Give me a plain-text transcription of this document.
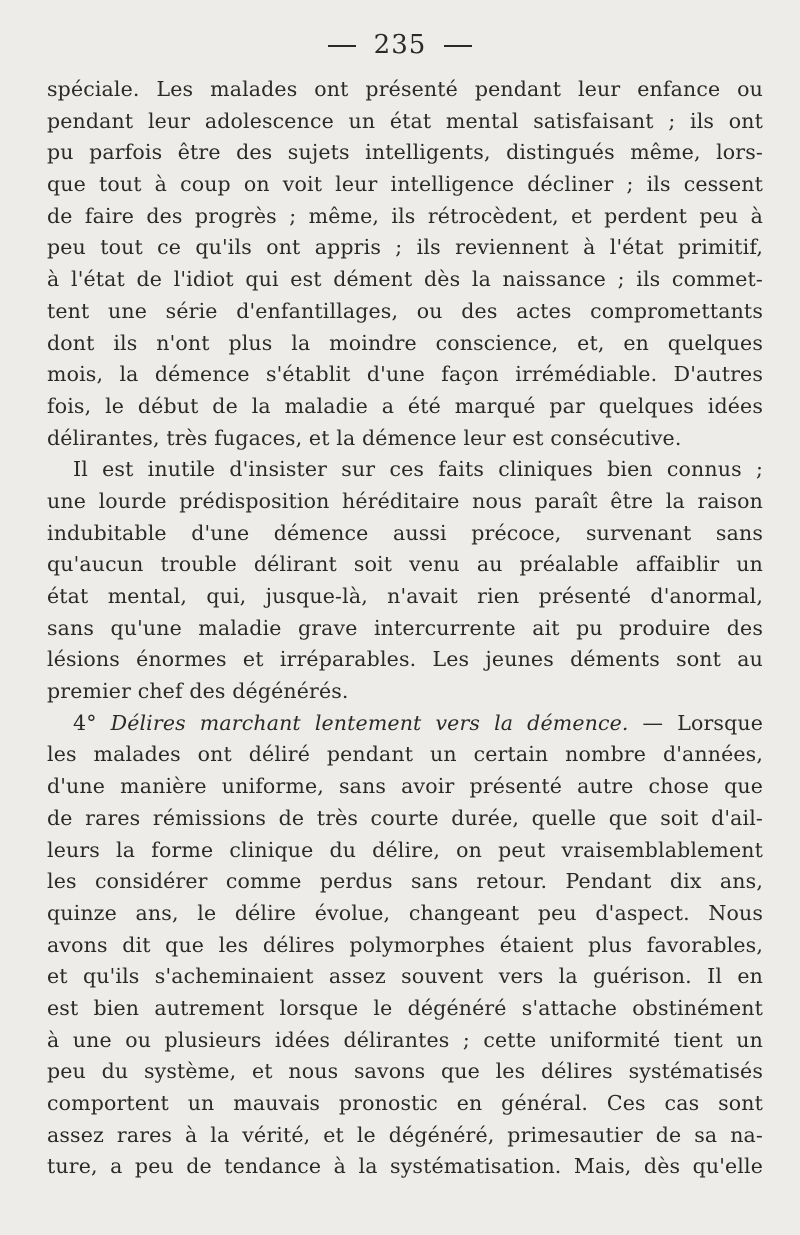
235
spéciale. Les malades ont présenté pendant leur enfance ou
pendant leur adolescence un état mental satisfaisant ; ils ont
pu parfois être des sujets intelligents, distingués même, lors-
que tout à coup on voit leur intelligence décliner ; ils cessent
de faire des progrès ; même, ils rétrocèdent, et perdent peu à
peu tout ce qu'ils ont appris ; ils reviennent à l'état primitif,
à l'état de l'idiot qui est dément dès la naissance ; ils commet-
tent une série d'enfantillages, ou des actes compromettants
dont ils n'ont plus la moindre conscience, et, en quelques
mois, la démence s'établit d'une façon irrémédiable. D'autres
fois, le début de la maladie a été marqué par quelques idées
délirantes, très fugaces, et la démence leur est consécutive.
Il est inutile d'insister sur ces faits cliniques bien connus ;
une lourde prédisposition héréditaire nous paraît être la raison
indubitable d'une démence aussi précoce, survenant sans
qu'aucun trouble délirant soit venu au préalable affaiblir un
état mental, qui, jusque-là, n'avait rien présenté d'anormal,
sans qu'une maladie grave intercurrente ait pu produire des
lésions énormes et irréparables. Les jeunes déments sont au
premier chef des dégénérés.
4° Délires marchant lentement vers la démence. — Lorsque
les malades ont déliré pendant un certain nombre d'années,
d'une manière uniforme, sans avoir présenté autre chose que
de rares rémissions de très courte durée, quelle que soit d'ail-
leurs la forme clinique du délire, on peut vraisemblablement
les considérer comme perdus sans retour. Pendant dix ans,
quinze ans, le délire évolue, changeant peu d'aspect. Nous
avons dit que les délires polymorphes étaient plus favorables,
et qu'ils s'acheminaient assez souvent vers la guérison. Il en
est bien autrement lorsque le dégénéré s'attache obstinément
à une ou plusieurs idées délirantes ; cette uniformité tient un
peu du système, et nous savons que les délires systématisés
comportent un mauvais pronostic en général. Ces cas sont
assez rares à la vérité, et le dégénéré, primesautier de sa na-
ture, a peu de tendance à la systématisation. Mais, dès qu'elle
